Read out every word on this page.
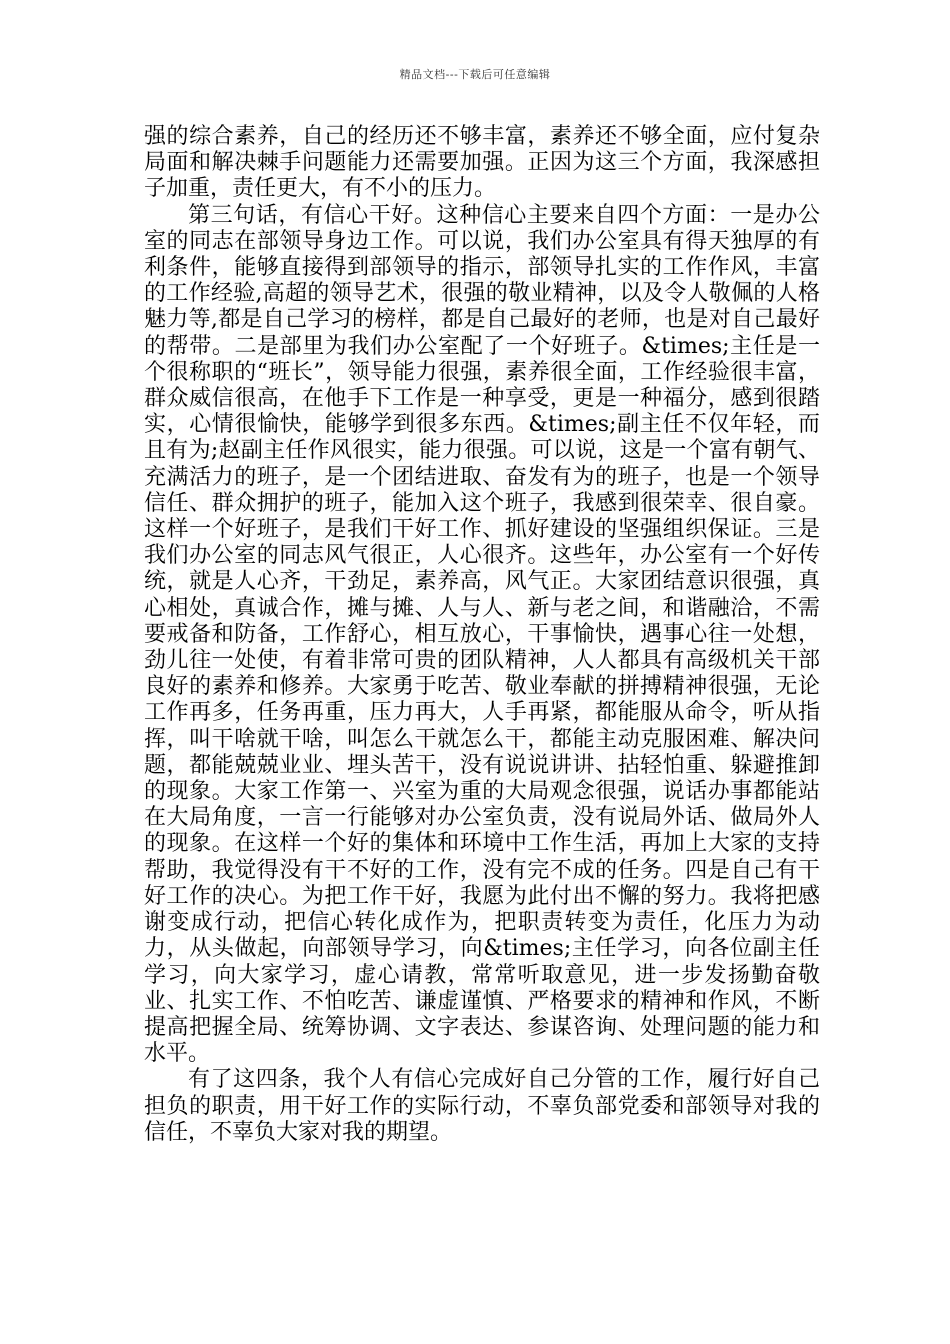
精品文档---下载后可任意编辑

强的综合素养，自己的经历还不够丰富，素养还不够全面，应付复杂局面和解决棘手问题能力还需要加强。正因为这三个方面，我深感担子加重，责任更大，有不小的压力。

第三句话，有信心干好。这种信心主要来自四个方面：一是办公室的同志在部领导身边工作。可以说，我们办公室具有得天独厚的有利条件，能够直接得到部领导的指示，部领导扎实的工作作风，丰富的工作经验,高超的领导艺术，很强的敬业精神，以及令人敬佩的人格魅力等,都是自己学习的榜样，都是自己最好的老师，也是对自己最好的帮带。二是部里为我们办公室配了一个好班子。&times;主任是一个很称职的“班长”，领导能力很强，素养很全面，工作经验很丰富，群众威信很高，在他手下工作是一种享受，更是一种福分，感到很踏实，心情很愉快，能够学到很多东西。&times;副主任不仅年轻，而且有为;赵副主任作风很实，能力很强。可以说，这是一个富有朝气、充满活力的班子，是一个团结进取、奋发有为的班子，也是一个领导信任、群众拥护的班子，能加入这个班子，我感到很荣幸、很自豪。这样一个好班子，是我们干好工作、抓好建设的坚强组织保证。三是我们办公室的同志风气很正，人心很齐。这些年，办公室有一个好传统，就是人心齐，干劲足，素养高，风气正。大家团结意识很强，真心相处，真诚合作，摊与摊、人与人、新与老之间，和谐融洽，不需要戒备和防备，工作舒心，相互放心，干事愉快，遇事心往一处想，劲儿往一处使，有着非常可贵的团队精神，人人都具有高级机关干部良好的素养和修养。大家勇于吃苦、敬业奉献的拼搏精神很强，无论工作再多，任务再重，压力再大，人手再紧，都能服从命令，听从指挥，叫干啥就干啥，叫怎么干就怎么干，都能主动克服困难、解决问题，都能兢兢业业、埋头苦干，没有说说讲讲、拈轻怕重、躲避推卸的现象。大家工作第一、兴室为重的大局观念很强，说话办事都能站在大局角度，一言一行能够对办公室负责，没有说局外话、做局外人的现象。在这样一个好的集体和环境中工作生活，再加上大家的支持帮助，我觉得没有干不好的工作，没有完不成的任务。四是自己有干好工作的决心。为把工作干好，我愿为此付出不懈的努力。我将把感谢变成行动，把信心转化成作为，把职责转变为责任，化压力为动力，从头做起，向部领导学习，向&times;主任学习，向各位副主任学习，向大家学习，虚心请教，常常听取意见，进一步发扬勤奋敬业、扎实工作、不怕吃苦、谦虚谨慎、严格要求的精神和作风，不断提高把握全局、统筹协调、文字表达、参谋咨询、处理问题的能力和水平。

有了这四条，我个人有信心完成好自己分管的工作，履行好自己担负的职责，用干好工作的实际行动，不辜负部党委和部领导对我的信任，不辜负大家对我的期望。
